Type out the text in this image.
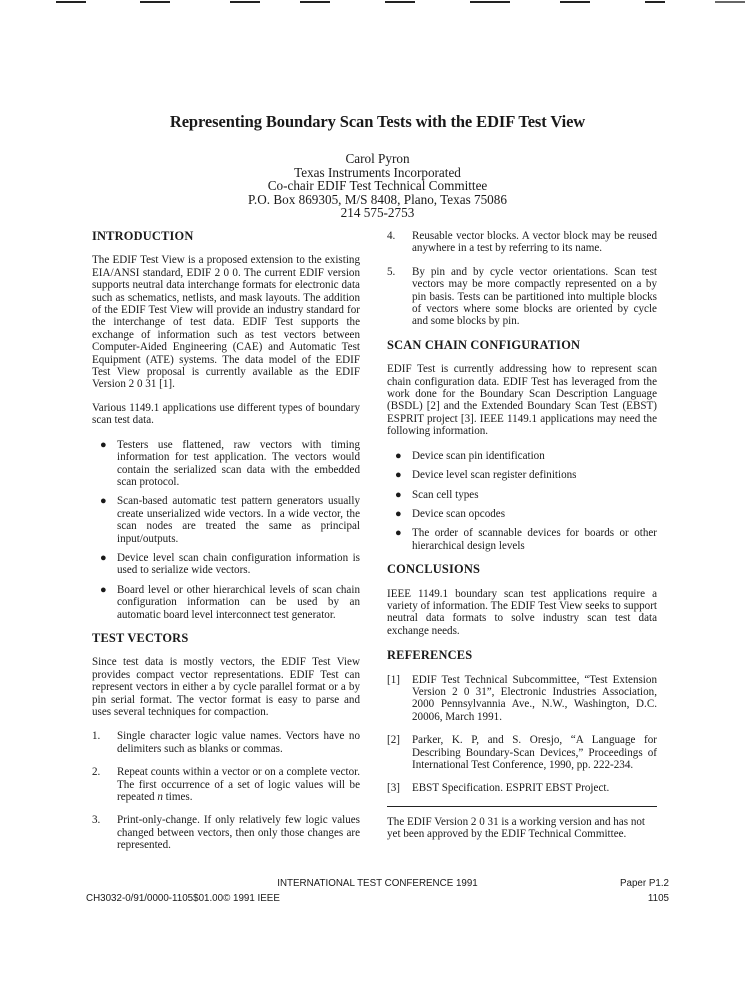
Representing Boundary Scan Tests with the EDIF Test View
Carol Pyron
Texas Instruments Incorporated
Co-chair EDIF Test Technical Committee
P.O. Box 869305, M/S 8408, Plano, Texas 75086
214 575-2753
INTRODUCTION

The EDIF Test View is a proposed extension to the existing EIA/ANSI standard, EDIF 2 0 0. The current EDIF version supports neutral data interchange formats for electronic data such as schematics, netlists, and mask layouts. The addition of the EDIF Test View will provide an industry standard for the interchange of test data. EDIF Test supports the exchange of information such as test vectors between Computer-Aided Engineering (CAE) and Automatic Test Equipment (ATE) systems. The data model of the EDIF Test View proposal is currently available as the EDIF Version 2 0 31 [1].

Various 1149.1 applications use different types of boundary scan test data.

● Testers use flattened, raw vectors with timing information for test application. The vectors would contain the serialized scan data with the embedded scan protocol.
● Scan-based automatic test pattern generators usually create unserialized wide vectors. In a wide vector, the scan nodes are treated the same as principal input/outputs.
● Device level scan chain configuration information is used to serialize wide vectors.
● Board level or other hierarchical levels of scan chain configuration information can be used by an automatic board level interconnect test generator.
TEST VECTORS

Since test data is mostly vectors, the EDIF Test View provides compact vector representations. EDIF Test can represent vectors in either a by cycle parallel format or a by pin serial format. The vector format is easy to parse and uses several techniques for compaction.

1. Single character logic value names. Vectors have no delimiters such as blanks or commas.
2. Repeat counts within a vector or on a complete vector. The first occurrence of a set of logic values will be repeated n times.
3. Print-only-change. If only relatively few logic values changed between vectors, then only those changes are represented.
4. Reusable vector blocks. A vector block may be reused anywhere in a test by referring to its name.
5. By pin and by cycle vector orientations. Scan test vectors may be more compactly represented on a by pin basis. Tests can be partitioned into multiple blocks of vectors where some blocks are oriented by cycle and some blocks by pin.
SCAN CHAIN CONFIGURATION

EDIF Test is currently addressing how to represent scan chain configuration data. EDIF Test has leveraged from the work done for the Boundary Scan Description Language (BSDL) [2] and the Extended Boundary Scan Test (EBST) ESPRIT project [3]. IEEE 1149.1 applications may need the following information.

● Device scan pin identification
● Device level scan register definitions
● Scan cell types
● Device scan opcodes
● The order of scannable devices for boards or other hierarchical design levels
CONCLUSIONS

IEEE 1149.1 boundary scan test applications require a variety of information. The EDIF Test View seeks to support neutral data formats to solve industry scan test data exchange needs.

REFERENCES
[1] EDIF Test Technical Subcommittee, “Test Extension Version 2 0 31”, Electronic Industries Association, 2000 Pennsylvannia Ave., N.W., Washington, D.C. 20006, March 1991.
[2] Parker, K. P, and S. Oresjo, “A Language for Describing Boundary-Scan Devices,” Proceedings of International Test Conference, 1990, pp. 222-234.
[3] EBST Specification. ESPRIT EBST Project.

The EDIF Version 2 0 31 is a working version and has not yet been approved by the EDIF Technical Committee.

INTERNATIONAL TEST CONFERENCE 1991
CH3032-0/91/0000-1105$01.00© 1991 IEEE
Paper P1.2
1105
